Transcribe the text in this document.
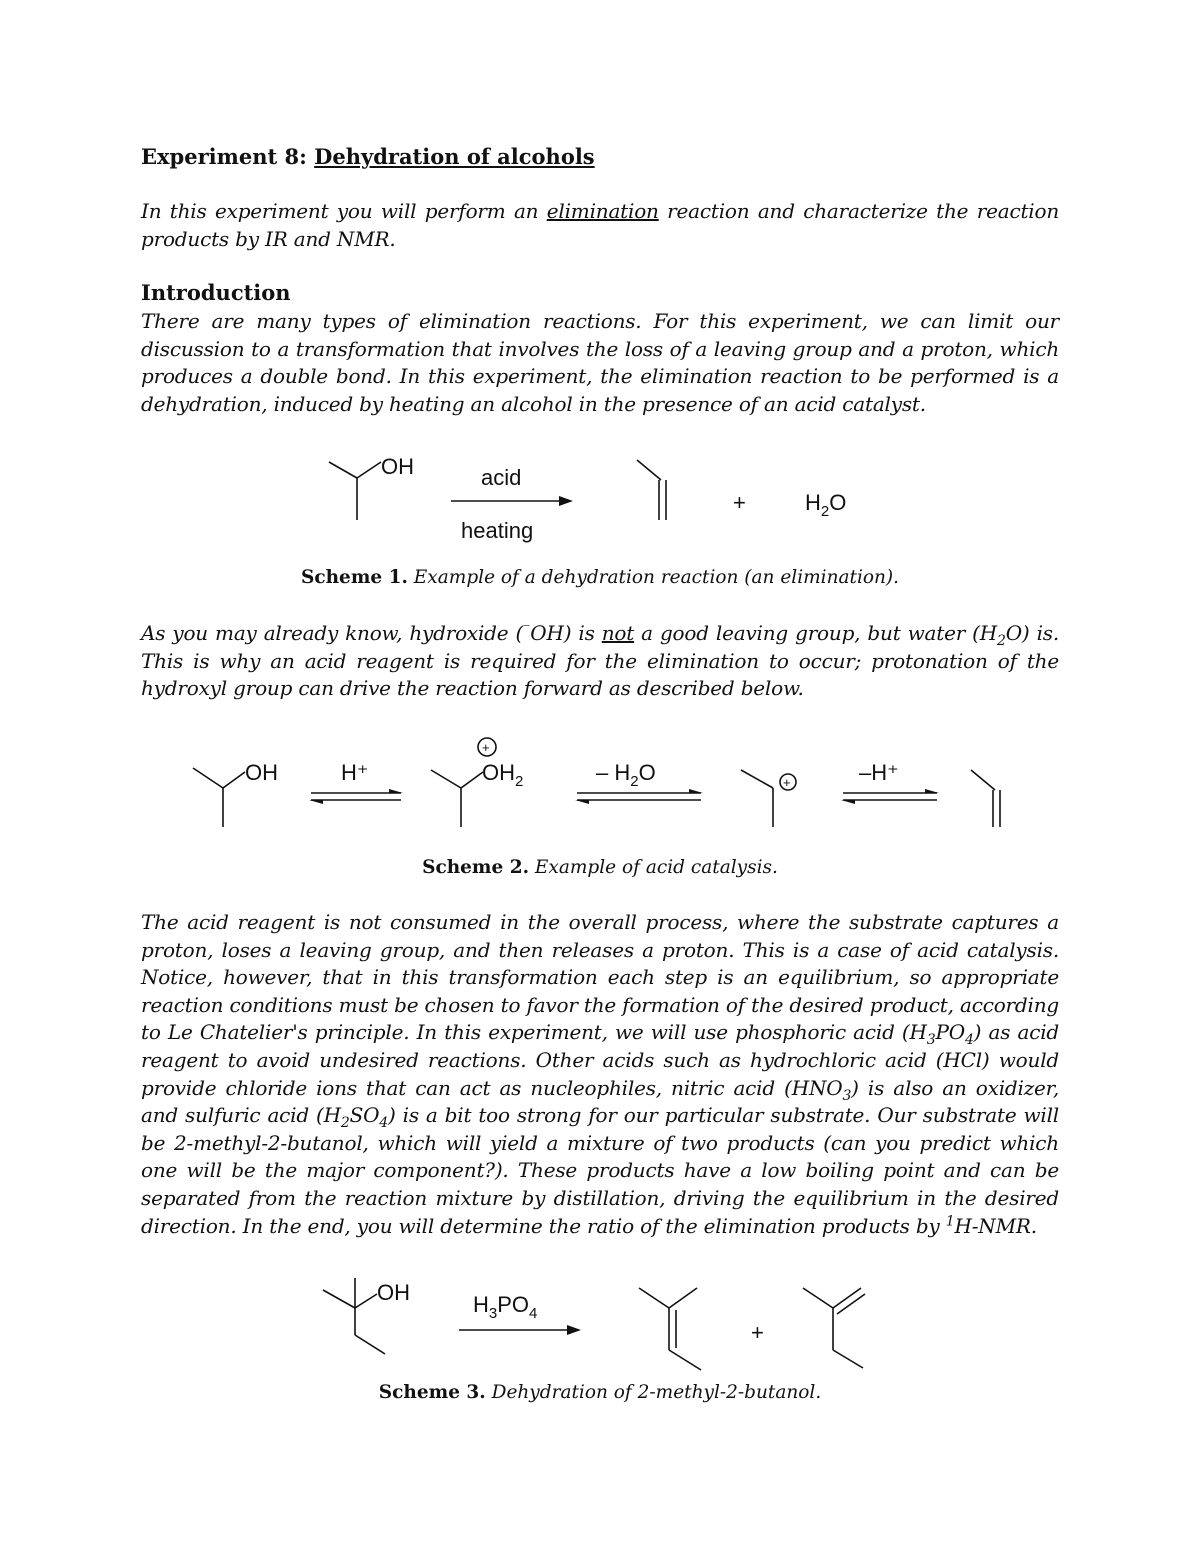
Experiment 8: Dehydration of alcohols
In this experiment you will perform an elimination reaction and characterize the reaction products by IR and NMR.
Introduction
There are many types of elimination reactions. For this experiment, we can limit our discussion to a transformation that involves the loss of a leaving group and a proton, which produces a double bond. In this experiment, the elimination reaction to be performed is a dehydration, induced by heating an alcohol in the presence of an acid catalyst.
OH	acid
heating
+	$H_2O$
Scheme 1. Example of a dehydration reaction (an elimination).
As you may already know, hydroxide (⁻OH) is not a good leaving group, but water $(H_2O)$ is. This is why an acid reagent is required for the elimination to occur; protonation of the hydroxyl group can drive the reaction forward as described below.
Scheme 2. Example of acid catalysis.
The acid reagent is not consumed in the overall process, where the substrate captures a proton, loses a leaving group, and then releases a proton. This is a case of acid catalysis. Notice, however, that in this transformation each step is an equilibrium, so appropriate reaction conditions must be chosen to favor the formation of the desired product, according to Le Chatelier's principle. In this experiment, we will use phosphoric acid $(H_3PO_4)$ as acid reagent to avoid undesired reactions. Other acids such as hydrochloric acid (HCl) would provide chloride ions that can act as nucleophiles, nitric acid $(HNO_3)$ is also an oxidizer, and sulfuric acid $(H_2SO_4)$ is a bit too strong for our particular substrate. Our substrate will be 2-methyl-2-butanol, which will yield a mixture of two products (can you predict which one will be the major component?). These products have a low boiling point and can be separated from the reaction mixture by distillation, driving the equilibrium in the desired direction. In the end, you will determine the ratio of the elimination products by $^1$H-NMR.
OH	$H_3PO_4$
+
Scheme 3. Dehydration of 2-methyl-2-butanol.
OH	H⁺
+
$OH_2$	– $H_2O$	+	–H⁺
